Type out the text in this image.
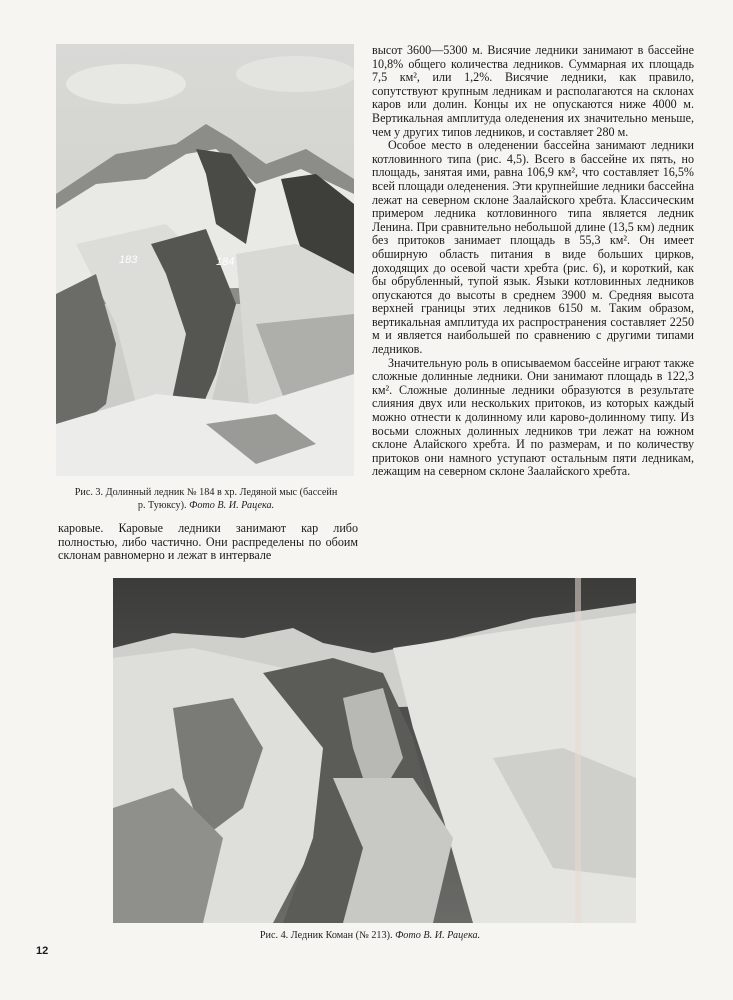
183	184
Рис. 3. Долинный ледник № 184 в хр. Ледяной мыс (бассейн р. Туюксу). Фото В. И. Рацека.

высот 3600—5300 м. Висячие ледники занимают в бассейне 10,8% общего количества ледников. Суммарная их площадь 7,5 км², или 1,2%. Висячие ледники, как правило, сопутствуют крупным ледникам и располагаются на склонах каров или долин. Концы их не опускаются ниже 4000 м. Вертикальная амплитуда оледенения их значительно меньше, чем у других типов ледников, и составляет 280 м.

Особое место в оледенении бассейна занимают ледники котловинного типа (рис. 4,5). Всего в бассейне их пять, но площадь, занятая ими, равна 106,9 км², что составляет 16,5% всей площади оледенения. Эти крупнейшие ледники бассейна лежат на северном склоне Заалайского хребта. Классическим примером ледника котловинного типа является ледник Ленина. При сравнительно небольшой длине (13,5 км) ледник без притоков занимает площадь в 55,3 км². Он имеет обширную область питания в виде больших цирков, доходящих до осевой части хребта (рис. 6), и короткий, как бы обрубленный, тупой язык. Языки котловинных ледников опускаются до высоты в среднем 3900 м. Средняя высота верхней границы этих ледников 6150 м. Таким образом, вертикальная амплитуда их распространения составляет 2250 м и является наибольшей по сравнению с другими типами ледников.

Значительную роль в описываемом бассейне играют также сложные долинные ледники. Они занимают площадь в 122,3 км². Сложные долинные ледники образуются в результате слияния двух или нескольких притоков, из которых каждый можно отнести к долинному или карово-долинному типу. Из восьми сложных долинных ледников три лежат на южном склоне Алайского хребта. И по размерам, и по количеству притоков они намного уступают остальным пяти ледникам, лежащим на северном склоне Заалайского хребта.

каровые. Каровые ледники занимают кар либо полностью, либо частично. Они распределены по обоим склонам равномерно и лежат в интервале

Рис. 4. Ледник Коман (№ 213). Фото В. И. Рацека.
12
